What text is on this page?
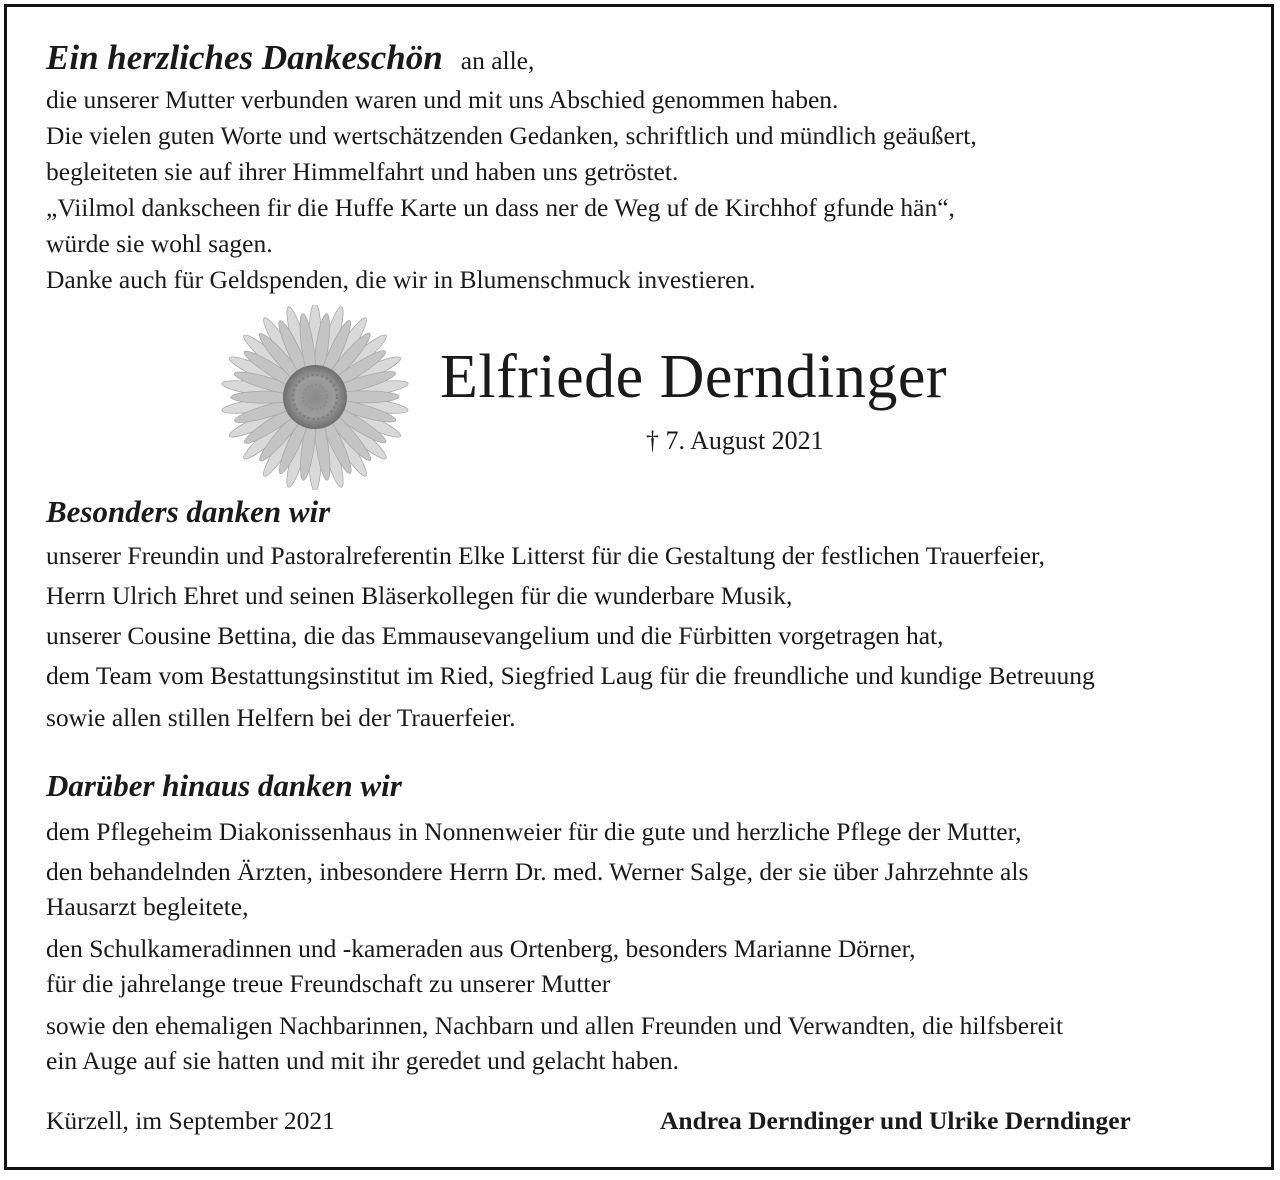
Ein herzliches Dankeschön an alle,
die unserer Mutter verbunden waren und mit uns Abschied genommen haben.
Die vielen guten Worte und wertschätzenden Gedanken, schriftlich und mündlich geäußert,
begleiteten sie auf ihrer Himmelfahrt und haben uns getröstet.
„Viilmol dankscheen fir die Huffe Karte un dass ner de Weg uf de Kirchhof gfunde hän“,
würde sie wohl sagen.
Danke auch für Geldspenden, die wir in Blumenschmuck investieren.
Elfriede Derndinger
† 7. August 2021
Besonders danken wir
unserer Freundin und Pastoralreferentin Elke Litterst für die Gestaltung der festlichen Trauerfeier,
Herrn Ulrich Ehret und seinen Bläserkollegen für die wunderbare Musik,
unserer Cousine Bettina, die das Emmausevangelium und die Fürbitten vorgetragen hat,
dem Team vom Bestattungsinstitut im Ried, Siegfried Laug für die freundliche und kundige Betreuung
sowie allen stillen Helfern bei der Trauerfeier.
Darüber hinaus danken wir
dem Pflegeheim Diakonissenhaus in Nonnenweier für die gute und herzliche Pflege der Mutter,
den behandelnden Ärzten, inbesondere Herrn Dr. med. Werner Salge, der sie über Jahrzehnte als
Hausarzt begleitete,
den Schulkameradinnen und -kameraden aus Ortenberg, besonders Marianne Dörner,
für die jahrelange treue Freundschaft zu unserer Mutter
sowie den ehemaligen Nachbarinnen, Nachbarn und allen Freunden und Verwandten, die hilfsbereit
ein Auge auf sie hatten und mit ihr geredet und gelacht haben.
Kürzell, im September 2021	Andrea Derndinger und Ulrike Derndinger
